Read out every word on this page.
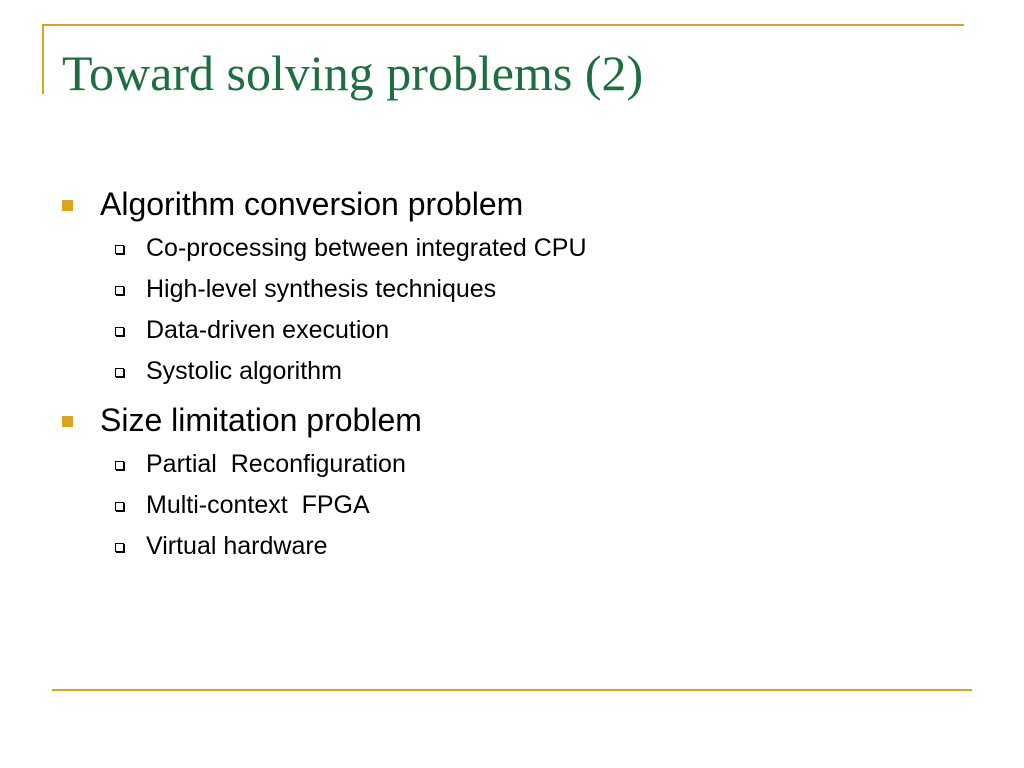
Toward solving problems (2)
Algorithm conversion problem
Co-processing between integrated CPU
High-level synthesis techniques
Data-driven execution
Systolic algorithm
Size limitation problem
Partial  Reconfiguration
Multi-context  FPGA
Virtual hardware
